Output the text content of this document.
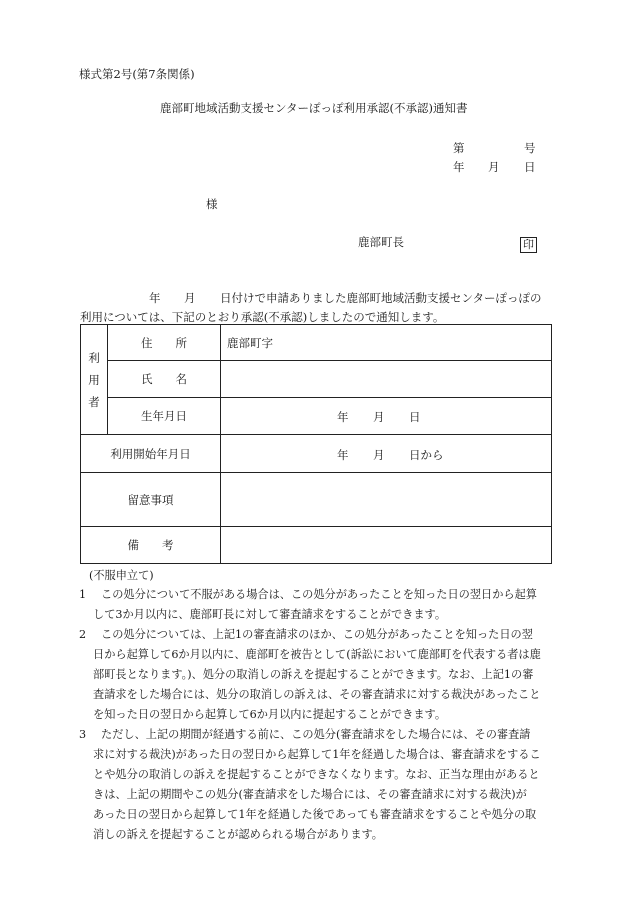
様式第2号(第7条関係)
鹿部町地域活動支援センターぽっぽ利用承認(不承認)通知書
第	号
年 月 日
様
鹿部町長	印
年 月 日付けで申請ありました鹿部町地域活動支援センターぽっぽの
利用については、下記のとおり承認(不承認)しましたので通知します。
利
用
者	住　　所	鹿部町字
	氏　　名	
	生年月日	年 月 日

利用開始年月日		年 月 日から

留意事項		
備　　考		
(不服申立て)
1	この処分について不服がある場合は、この処分があったことを知った日の翌日から起算
して3か月以内に、鹿部町長に対して審査請求をすることができます。
2	この処分については、上記1の審査請求のほか、この処分があったことを知った日の翌
日から起算して6か月以内に、鹿部町を被告として(訴訟において鹿部町を代表する者は鹿
部町長となります。)、処分の取消しの訴えを提起することができます。なお、上記1の審
査請求をした場合には、処分の取消しの訴えは、その審査請求に対する裁決があったこと
を知った日の翌日から起算して6か月以内に提起することができます。
3	ただし、上記の期間が経過する前に、この処分(審査請求をした場合には、その審査請
求に対する裁決)があった日の翌日から起算して1年を経過した場合は、審査請求をするこ
とや処分の取消しの訴えを提起することができなくなります。なお、正当な理由があると
きは、上記の期間やこの処分(審査請求をした場合には、その審査請求に対する裁決)が
あった日の翌日から起算して1年を経過した後であっても審査請求をすることや処分の取
消しの訴えを提起することが認められる場合があります。
